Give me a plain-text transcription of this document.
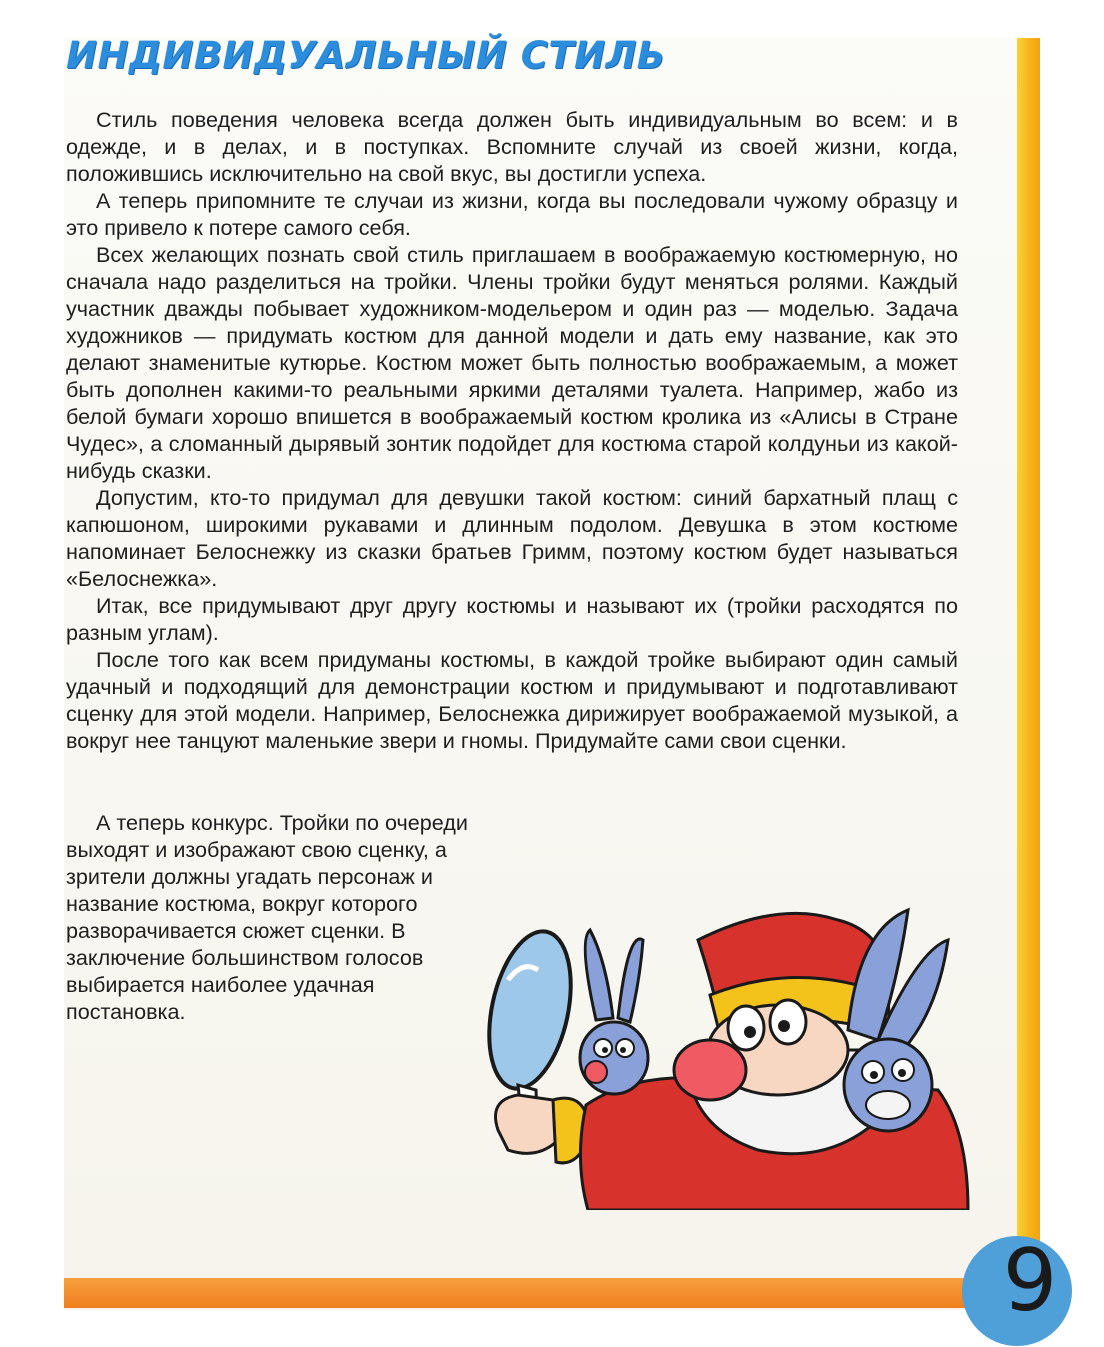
9
ИНДИВИДУАЛЬНЫЙ СТИЛЬ

Стиль поведения человека всегда должен быть индивидуальным во всем: и в одежде, и в делах, и в поступках. Вспомните случай из своей жизни, когда, положившись исключительно на свой вкус, вы достигли успеха.

А теперь припомните те случаи из жизни, когда вы последовали чужому образцу и это привело к потере самого себя.

Всех желающих познать свой стиль приглашаем в воображаемую костюмерную, но сначала надо разделиться на тройки. Члены тройки будут меняться ролями. Каждый участник дважды побывает художником-модельером и один раз — моделью. Задача художников — придумать костюм для данной модели и дать ему название, как это делают знаменитые кутюрье. Костюм может быть полностью воображаемым, а может быть дополнен какими-то реальными яркими деталями туалета. Например, жабо из белой бумаги хорошо впишется в воображаемый костюм кролика из «Алисы в Стране Чудес», а сломанный дырявый зонтик подойдет для костюма старой колдуньи из какой-нибудь сказки.

Допустим, кто-то придумал для девушки такой костюм: синий бархатный плащ с капюшоном, широкими рукавами и длинным подолом. Девушка в этом костюме напоминает Белоснежку из сказки братьев Гримм, поэтому костюм будет называться «Белоснежка».

Итак, все придумывают друг другу костюмы и называют их (тройки расходятся по разным углам).

После того как всем придуманы костюмы, в каждой тройке выбирают один самый удачный и подходящий для демонстрации костюм и придумывают и подготавливают сценку для этой модели. Например, Белоснежка дирижирует воображаемой музыкой, а вокруг нее танцуют маленькие звери и гномы. Придумайте сами свои сценки.

А теперь конкурс. Тройки по очереди выходят и изображают свою сценку, а зрители должны угадать персонаж и название костюма, вокруг которого разворачивается сюжет сценки. В заключение большинством голосов выбирается наиболее удачная постановка.
